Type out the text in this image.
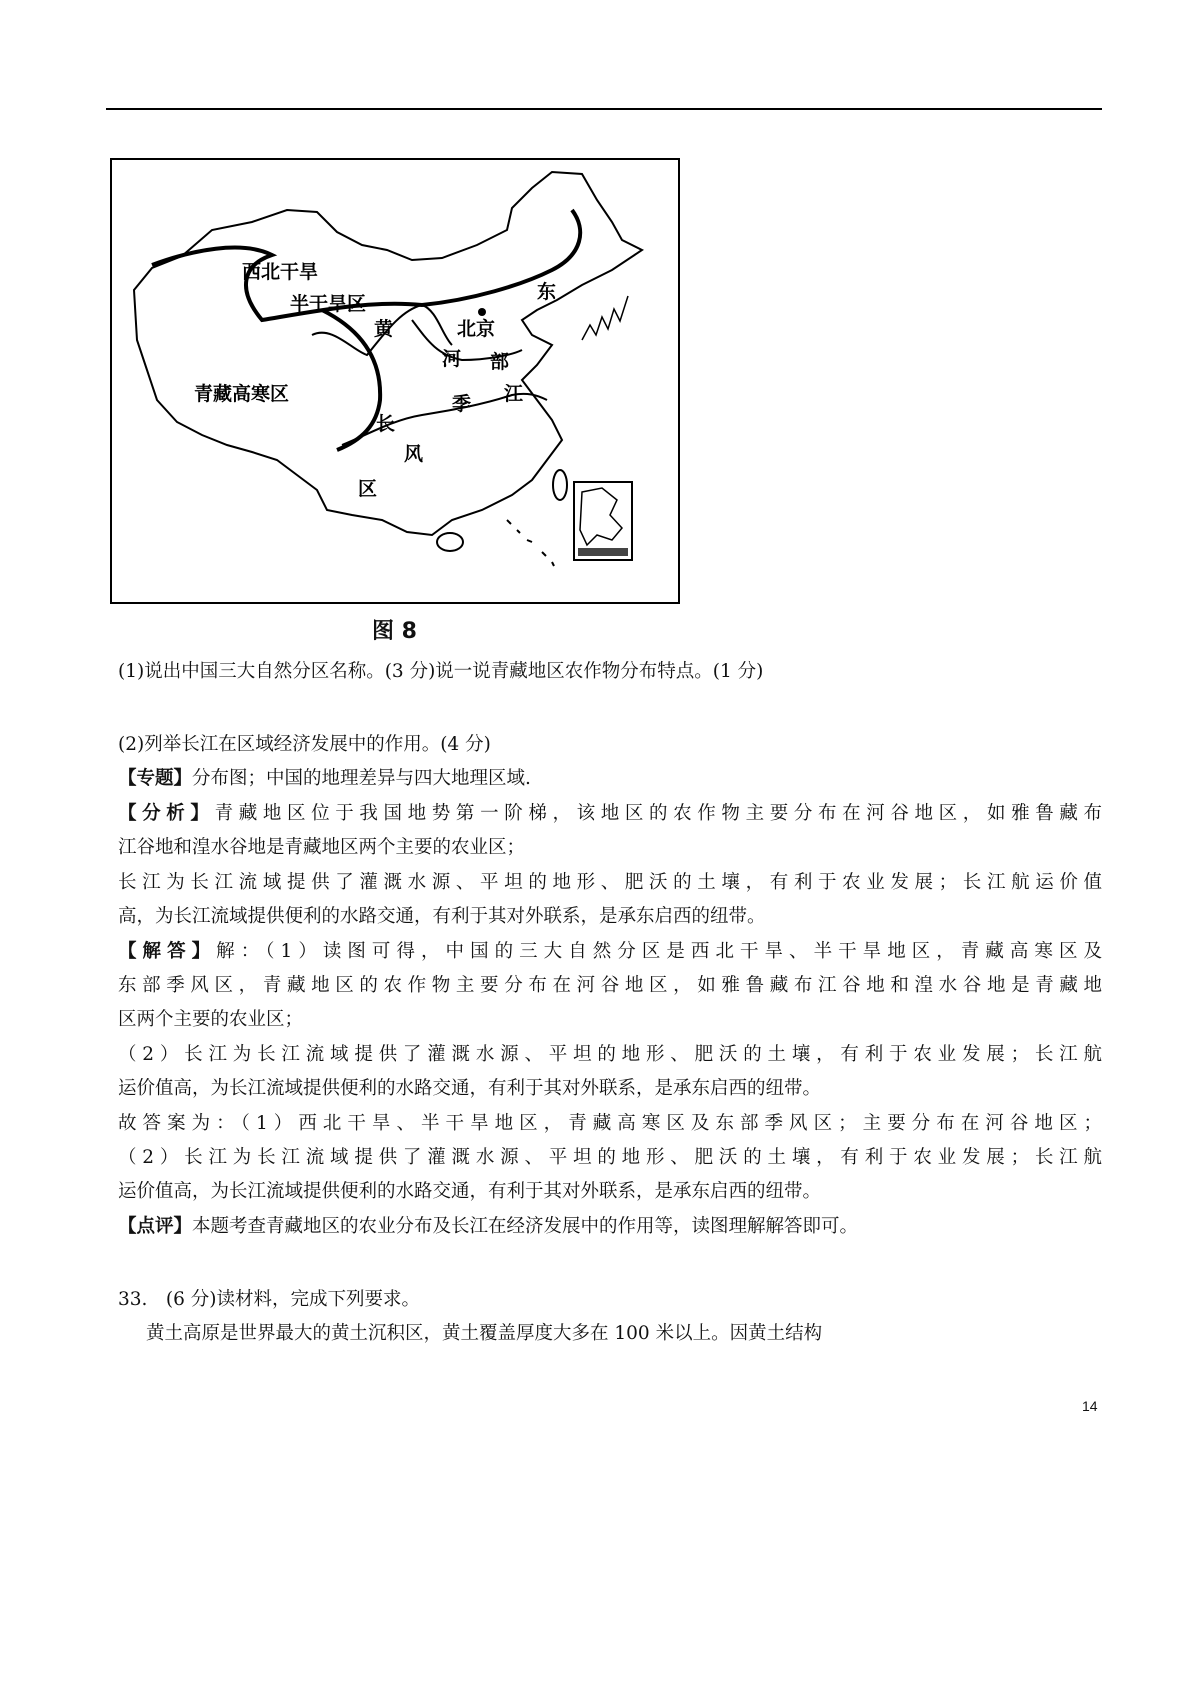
西北干旱
半干旱区
黄	北京
东
河 部
青藏高寒区	季 江
长
风
区
图 8
(1)说出中国三大自然分区名称。(3 分)说一说青藏地区农作物分布特点。(1 分)
(2)列举长江在区域经济发展中的作用。(4 分)
【专题】分布图；中国的地理差异与四大地理区域.
【分析】青藏地区位于我国地势第一阶梯，该地区的农作物主要分布在河谷地区，如雅鲁藏布
江谷地和湟水谷地是青藏地区两个主要的农业区；
长江为长江流域提供了灌溉水源、平坦的地形、肥沃的土壤，有利于农业发展；长江航运价值
高，为长江流域提供便利的水路交通，有利于其对外联系，是承东启西的纽带。
【解答】解：（1）读图可得，中国的三大自然分区是西北干旱、半干旱地区，青藏高寒区及
东部季风区，青藏地区的农作物主要分布在河谷地区，如雅鲁藏布江谷地和湟水谷地是青藏地
区两个主要的农业区；
（2）长江为长江流域提供了灌溉水源、平坦的地形、肥沃的土壤，有利于农业发展；长江航
运价值高，为长江流域提供便利的水路交通，有利于其对外联系，是承东启西的纽带。
故答案为：（1）西北干旱、半干旱地区，青藏高寒区及东部季风区；主要分布在河谷地区；
（2）长江为长江流域提供了灌溉水源、平坦的地形、肥沃的土壤，有利于农业发展；长江航
运价值高，为长江流域提供便利的水路交通，有利于其对外联系，是承东启西的纽带。
【点评】本题考查青藏地区的农业分布及长江在经济发展中的作用等，读图理解解答即可。
33.　(6 分)读材料，完成下列要求。
黄土高原是世界最大的黄土沉积区，黄土覆盖厚度大多在 100 米以上。因黄土结构
14
